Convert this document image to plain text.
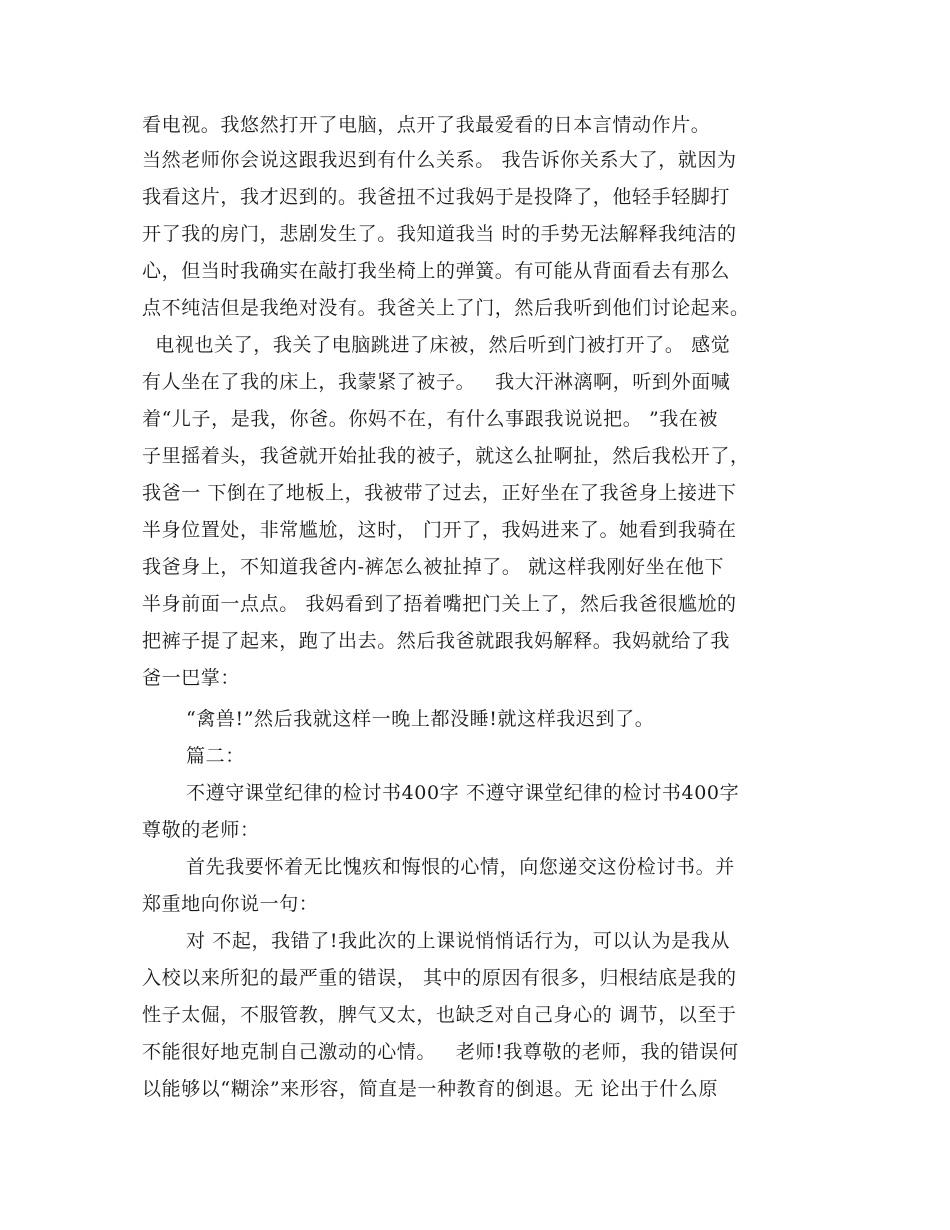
看电视。我悠然打开了电脑，点开了我最爱看的日本言情动作片。
当然老师你会说这跟我迟到有什么关系。 我告诉你关系大了，就因为
我看这片，我才迟到的。我爸扭不过我妈于是投降了，他轻手轻脚打
开了我的房门，悲剧发生了。我知道我当 时的手势无法解释我纯洁的
心，但当时我确实在敲打我坐椅上的弹簧。有可能从背面看去有那么
点不纯洁但是我绝对没有。我爸关上了门，然后我听到他们讨论起来。
电视也关了，我关了电脑跳进了床被，然后听到门被打开了。 感觉
有人坐在了我的床上，我蒙紧了被子。   我大汗淋漓啊，听到外面喊
着“儿子，是我，你爸。你妈不在，有什么事跟我说说把。 ”我在被
子里摇着头，我爸就开始扯我的被子，就这么扯啊扯，然后我松开了，
我爸一 下倒在了地板上，我被带了过去，正好坐在了我爸身上接进下
半身位置处，非常尴尬，这时， 门开了，我妈进来了。她看到我骑在
我爸身上，不知道我爸内-裤怎么被扯掉了。 就这样我刚好坐在他下
半身前面一点点。 我妈看到了捂着嘴把门关上了，然后我爸很尴尬的
把裤子提了起来，跑了出去。然后我爸就跟我妈解释。我妈就给了我
爸一巴掌：
“禽兽!”然后我就这样一晚上都没睡!就这样我迟到了。
篇二：
不遵守课堂纪律的检讨书400字 不遵守课堂纪律的检讨书400字
尊敬的老师：
首先我要怀着无比愧疚和悔恨的心情，向您递交这份检讨书。并
郑重地向你说一句：
对 不起，我错了!我此次的上课说悄悄话行为，可以认为是我从
入校以来所犯的最严重的错误， 其中的原因有很多，归根结底是我的
性子太倔，不服管教，脾气又太，也缺乏对自己身心的 调节，以至于
不能很好地克制自己激动的心情。   老师!我尊敬的老师，我的错误何
以能够以“糊涂”来形容，简直是一种教育的倒退。无 论出于什么原
